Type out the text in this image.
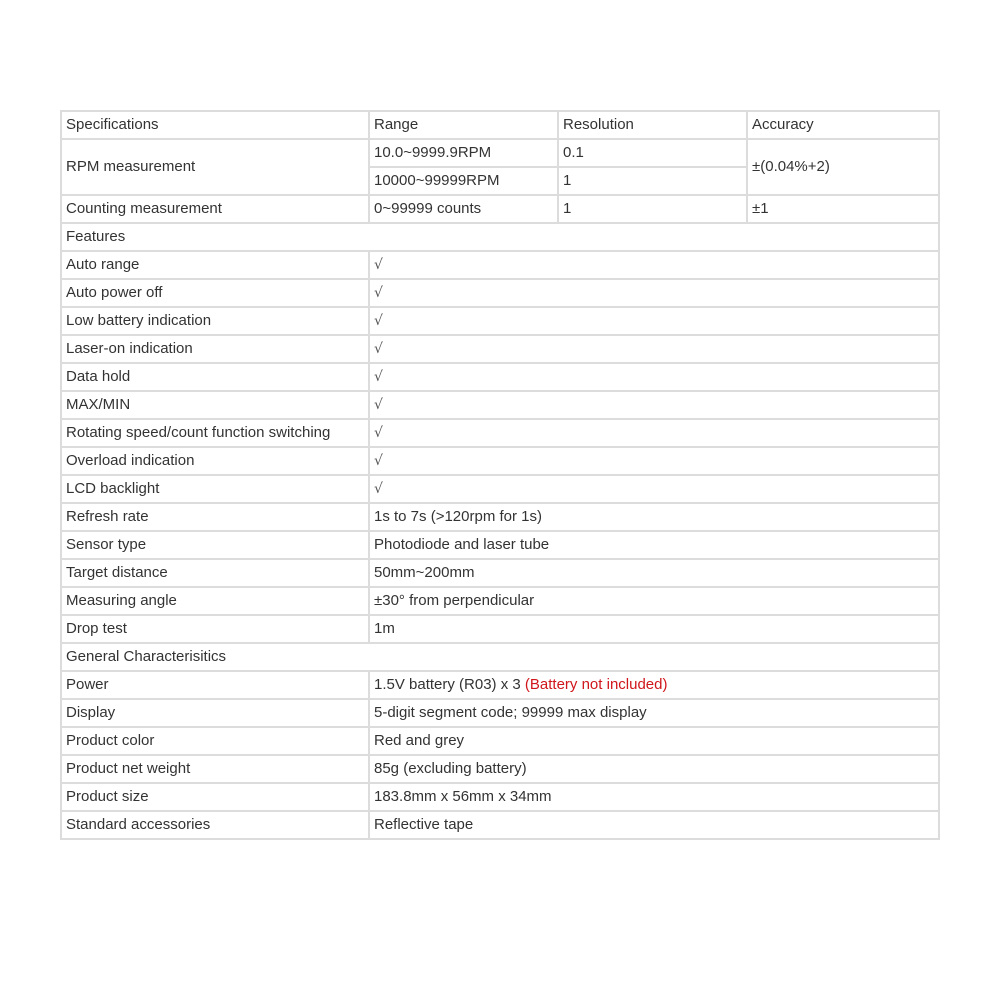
Specifications	Range	Resolution	Accuracy
RPM measurement	10.0~9999.9RPM	0.1	±(0.04%+2)
	10000~99999RPM	1	
Counting measurement	0~99999 counts	1	±1
Features			
Auto range	√		
Auto power off	√		
Low battery indication	√		
Laser-on indication	√		
Data hold	√		
MAX/MIN	√		
Rotating speed/count function switching	√		
Overload indication	√		
LCD backlight	√		
Refresh rate	1s to 7s (>120rpm for 1s)		
Sensor type	Photodiode and laser tube		
Target distance	50mm~200mm		
Measuring angle	±30° from perpendicular		
Drop test	1m		
General Characterisitics			
Power	1.5V battery (R03) x 3 (Battery not included)		
Display	5-digit segment code; 99999 max display		
Product color	Red and grey		
Product net weight	85g (excluding battery)		
Product size	183.8mm x 56mm x 34mm		
Standard accessories	Reflective tape		
